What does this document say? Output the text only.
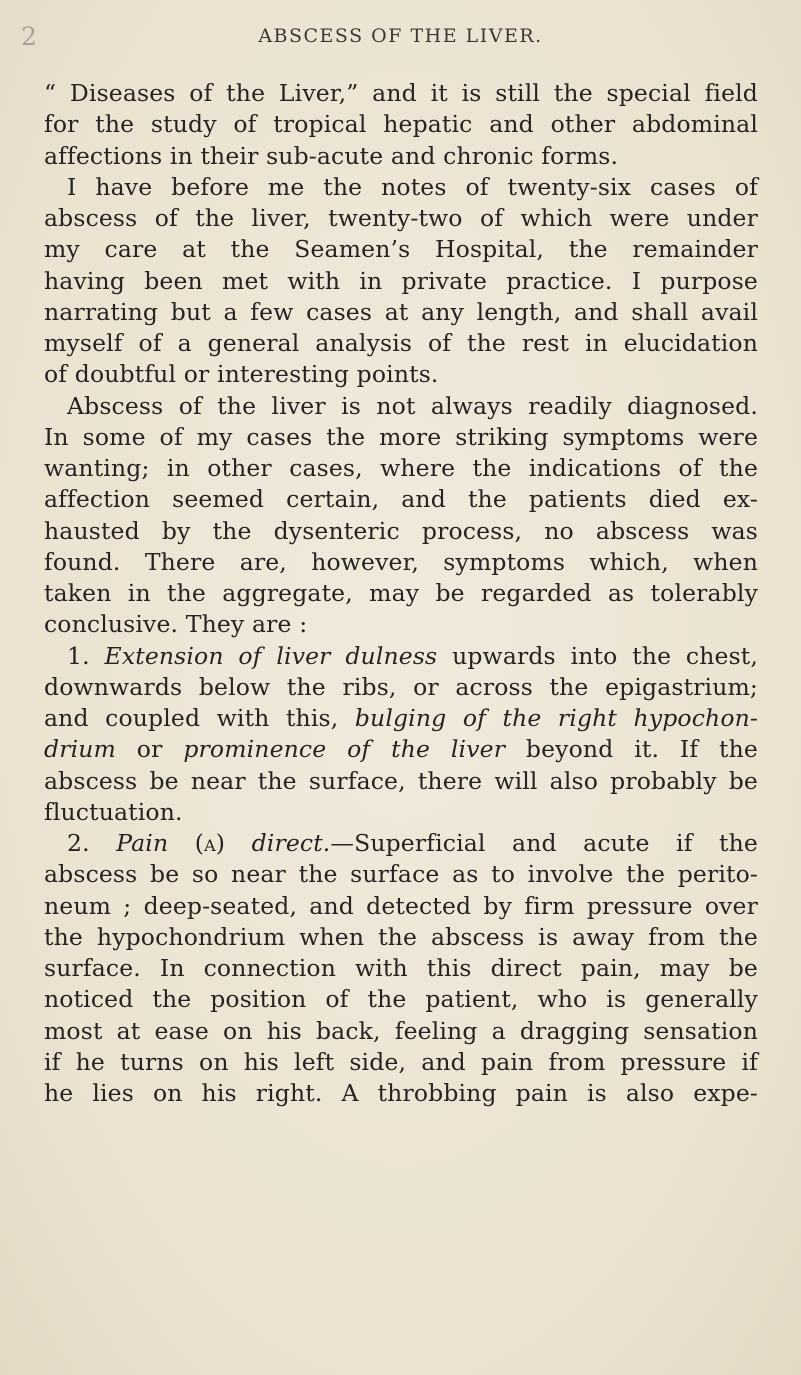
2	ABSCESS OF THE LIVER.
“ Diseases of the Liver,” and it is still the special field
for the study of tropical hepatic and other abdominal
affections in their sub-acute and chronic forms.
I have before me the notes of twenty-six cases of
abscess of the liver, twenty-two of which were under
my care at the Seamen’s Hospital, the remainder
having been met with in private practice. I purpose
narrating but a few cases at any length, and shall avail
myself of a general analysis of the rest in elucidation
of doubtful or interesting points.
Abscess of the liver is not always readily diagnosed.
In some of my cases the more striking symptoms were
wanting; in other cases, where the indications of the
affection seemed certain, and the patients died ex-
hausted by the dysenteric process, no abscess was
found. There are, however, symptoms which, when
taken in the aggregate, may be regarded as tolerably
conclusive. They are :
1. Extension of liver dulness upwards into the chest,
downwards below the ribs, or across the epigastrium;
and coupled with this, bulging of the right hypochon-
drium or prominence of the liver beyond it. If the
abscess be near the surface, there will also probably be
fluctuation.
2. Pain (a) direct.—Superficial and acute if the
abscess be so near the surface as to involve the perito-
neum ; deep-seated, and detected by firm pressure over
the hypochondrium when the abscess is away from the
surface. In connection with this direct pain, may be
noticed the position of the patient, who is generally
most at ease on his back, feeling a dragging sensation
if he turns on his left side, and pain from pressure if
he lies on his right. A throbbing pain is also expe-
